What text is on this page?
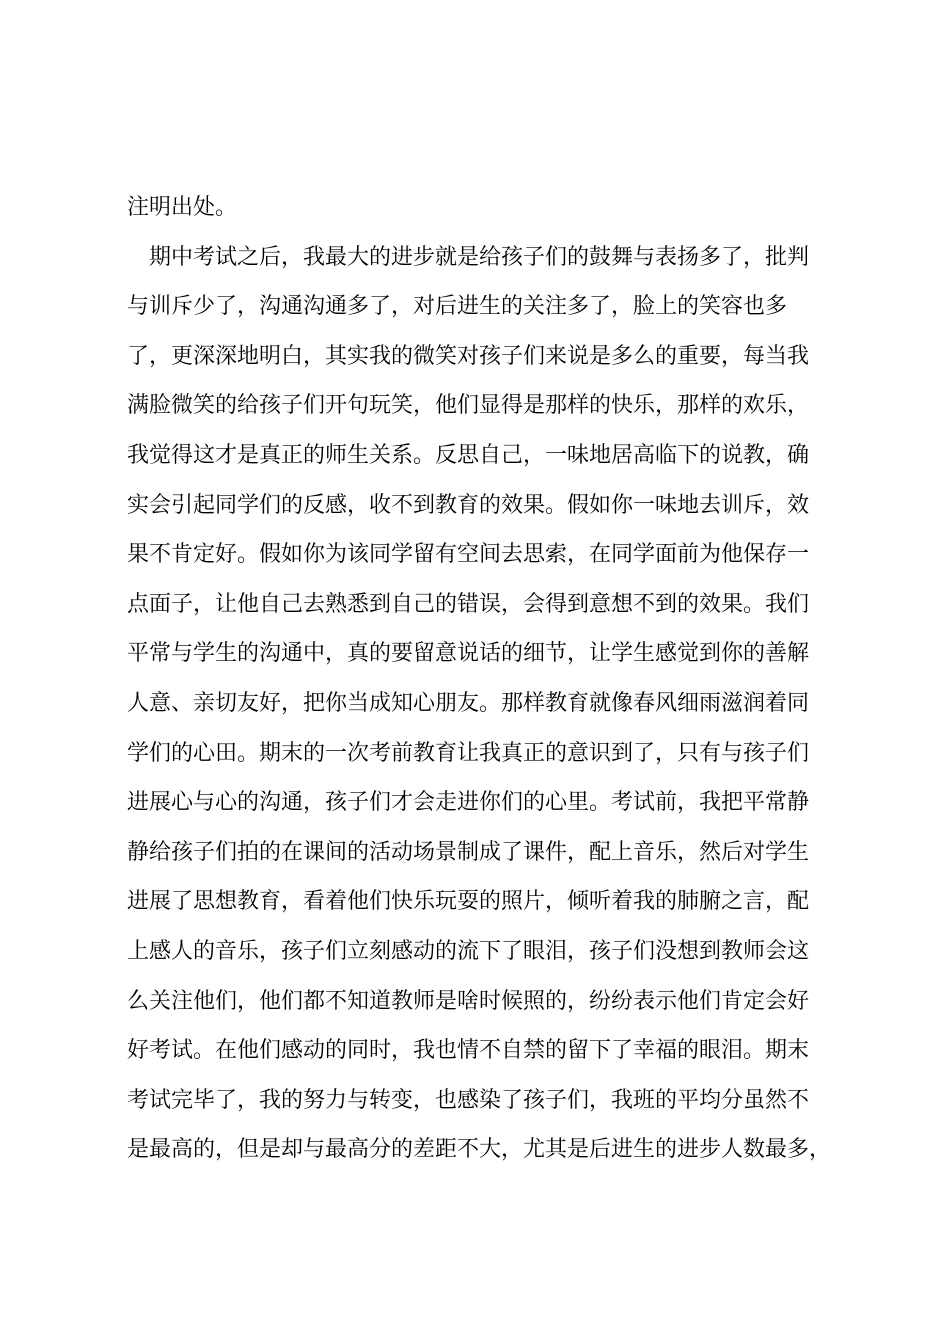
注明出处。
　期中考试之后，我最大的进步就是给孩子们的鼓舞与表扬多了，批判
与训斥少了，沟通沟通多了，对后进生的关注多了，脸上的笑容也多
了，更深深地明白，其实我的微笑对孩子们来说是多么的重要，每当我
满脸微笑的给孩子们开句玩笑，他们显得是那样的快乐，那样的欢乐，
我觉得这才是真正的师生关系。反思自己，一味地居高临下的说教，确
实会引起同学们的反感，收不到教育的效果。假如你一味地去训斥，效
果不肯定好。假如你为该同学留有空间去思索，在同学面前为他保存一
点面子，让他自己去熟悉到自己的错误，会得到意想不到的效果。我们
平常与学生的沟通中，真的要留意说话的细节，让学生感觉到你的善解
人意、亲切友好，把你当成知心朋友。那样教育就像春风细雨滋润着同
学们的心田。期末的一次考前教育让我真正的意识到了，只有与孩子们
进展心与心的沟通，孩子们才会走进你们的心里。考试前，我把平常静
静给孩子们拍的在课间的活动场景制成了课件，配上音乐，然后对学生
进展了思想教育，看着他们快乐玩耍的照片，倾听着我的肺腑之言，配
上感人的音乐，孩子们立刻感动的流下了眼泪，孩子们没想到教师会这
么关注他们，他们都不知道教师是啥时候照的，纷纷表示他们肯定会好
好考试。在他们感动的同时，我也情不自禁的留下了幸福的眼泪。期末
考试完毕了，我的努力与转变，也感染了孩子们，我班的平均分虽然不
是最高的，但是却与最高分的差距不大，尤其是后进生的进步人数最多，
